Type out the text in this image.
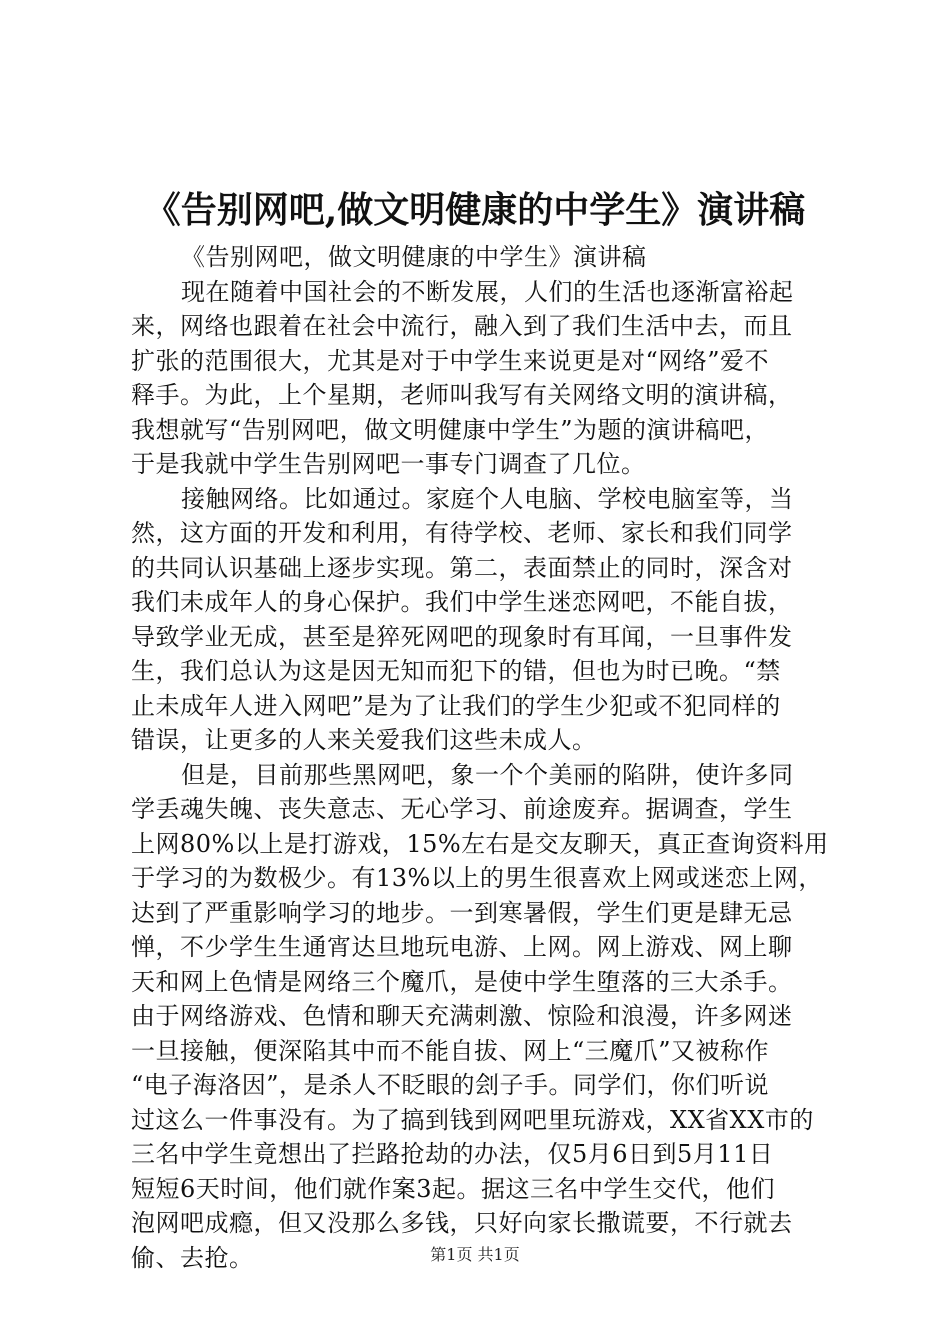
《告别网吧,做文明健康的中学生》演讲稿
《告别网吧，做文明健康的中学生》演讲稿
现在随着中国社会的不断发展，人们的生活也逐渐富裕起
来，网络也跟着在社会中流行，融入到了我们生活中去，而且
扩张的范围很大，尤其是对于中学生来说更是对“网络”爱不
释手。为此，上个星期，老师叫我写有关网络文明的演讲稿，
我想就写“告别网吧，做文明健康中学生”为题的演讲稿吧，
于是我就中学生告别网吧一事专门调查了几位。
接触网络。比如通过。家庭个人电脑、学校电脑室等，当
然，这方面的开发和利用，有待学校、老师、家长和我们同学
的共同认识基础上逐步实现。第二，表面禁止的同时，深含对
我们未成年人的身心保护。我们中学生迷恋网吧，不能自拔，
导致学业无成，甚至是猝死网吧的现象时有耳闻，一旦事件发
生，我们总认为这是因无知而犯下的错，但也为时已晚。“禁
止未成年人进入网吧”是为了让我们的学生少犯或不犯同样的
错误，让更多的人来关爱我们这些未成人。
但是，目前那些黑网吧，象一个个美丽的陷阱，使许多同
学丢魂失魄、丧失意志、无心学习、前途废弃。据调查，学生
上网80%以上是打游戏，15%左右是交友聊天，真正查询资料用
于学习的为数极少。有13%以上的男生很喜欢上网或迷恋上网，
达到了严重影响学习的地步。一到寒暑假，学生们更是肆无忌
惮，不少学生生通宵达旦地玩电游、上网。网上游戏、网上聊
天和网上色情是网络三个魔爪，是使中学生堕落的三大杀手。
由于网络游戏、色情和聊天充满刺激、惊险和浪漫，许多网迷
一旦接触，便深陷其中而不能自拔、网上“三魔爪”又被称作
“电子海洛因”，是杀人不眨眼的刽子手。同学们，你们听说
过这么一件事没有。为了搞到钱到网吧里玩游戏，XX省XX市的
三名中学生竟想出了拦路抢劫的办法，仅5月6日到5月11日
短短6天时间，他们就作案3起。据这三名中学生交代，他们
泡网吧成瘾，但又没那么多钱，只好向家长撒谎要，不行就去
偷、去抢。	第1页 共1页
